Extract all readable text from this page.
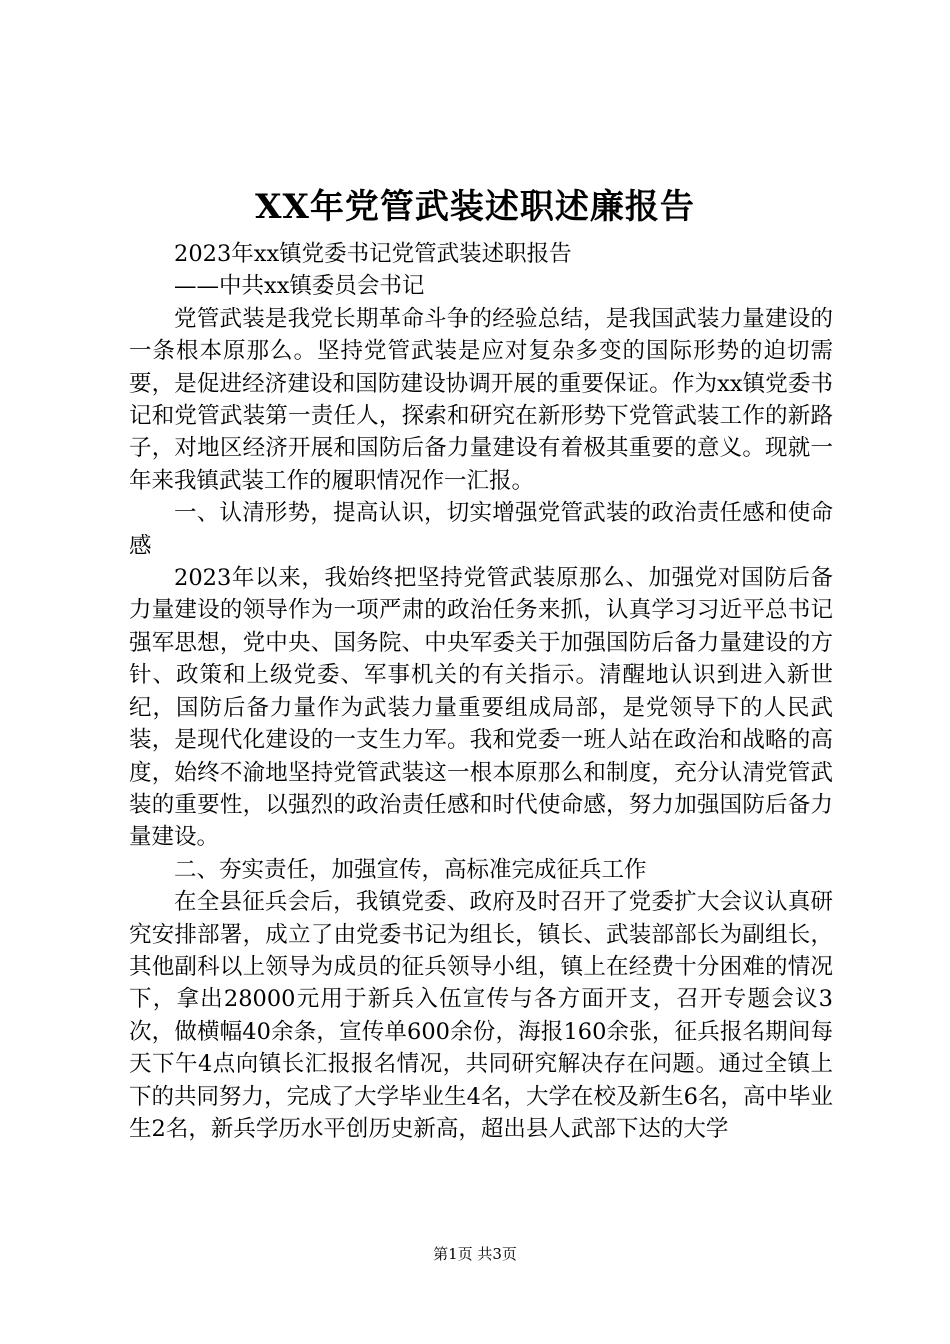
XX年党管武装述职述廉报告

2023年xx镇党委书记党管武装述职报告

——中共xx镇委员会书记

党管武装是我党长期革命斗争的经验总结，是我国武装力量建设的一条根本原那么。坚持党管武装是应对复杂多变的国际形势的迫切需要，是促进经济建设和国防建设协调开展的重要保证。作为xx镇党委书记和党管武装第一责任人，探索和研究在新形势下党管武装工作的新路子，对地区经济开展和国防后备力量建设有着极其重要的意义。现就一年来我镇武装工作的履职情况作一汇报。

一、认清形势，提高认识，切实增强党管武装的政治责任感和使命感

2023年以来，我始终把坚持党管武装原那么、加强党对国防后备力量建设的领导作为一项严肃的政治任务来抓，认真学习习近平总书记强军思想，党中央、国务院、中央军委关于加强国防后备力量建设的方针、政策和上级党委、军事机关的有关指示。清醒地认识到进入新世纪，国防后备力量作为武装力量重要组成局部，是党领导下的人民武装，是现代化建设的一支生力军。我和党委一班人站在政治和战略的高度，始终不渝地坚持党管武装这一根本原那么和制度，充分认清党管武装的重要性，以强烈的政治责任感和时代使命感，努力加强国防后备力量建设。

二、夯实责任，加强宣传，高标准完成征兵工作

在全县征兵会后，我镇党委、政府及时召开了党委扩大会议认真研究安排部署，成立了由党委书记为组长，镇长、武装部部长为副组长，其他副科以上领导为成员的征兵领导小组，镇上在经费十分困难的情况下，拿出28000元用于新兵入伍宣传与各方面开支，召开专题会议3次，做横幅40余条，宣传单600余份，海报160余张，征兵报名期间每天下午4点向镇长汇报报名情况，共同研究解决存在问题。通过全镇上下的共同努力，完成了大学毕业生4名，大学在校及新生6名，高中毕业生2名，新兵学历水平创历史新高，超出县人武部下达的大学

第1页 共3页
